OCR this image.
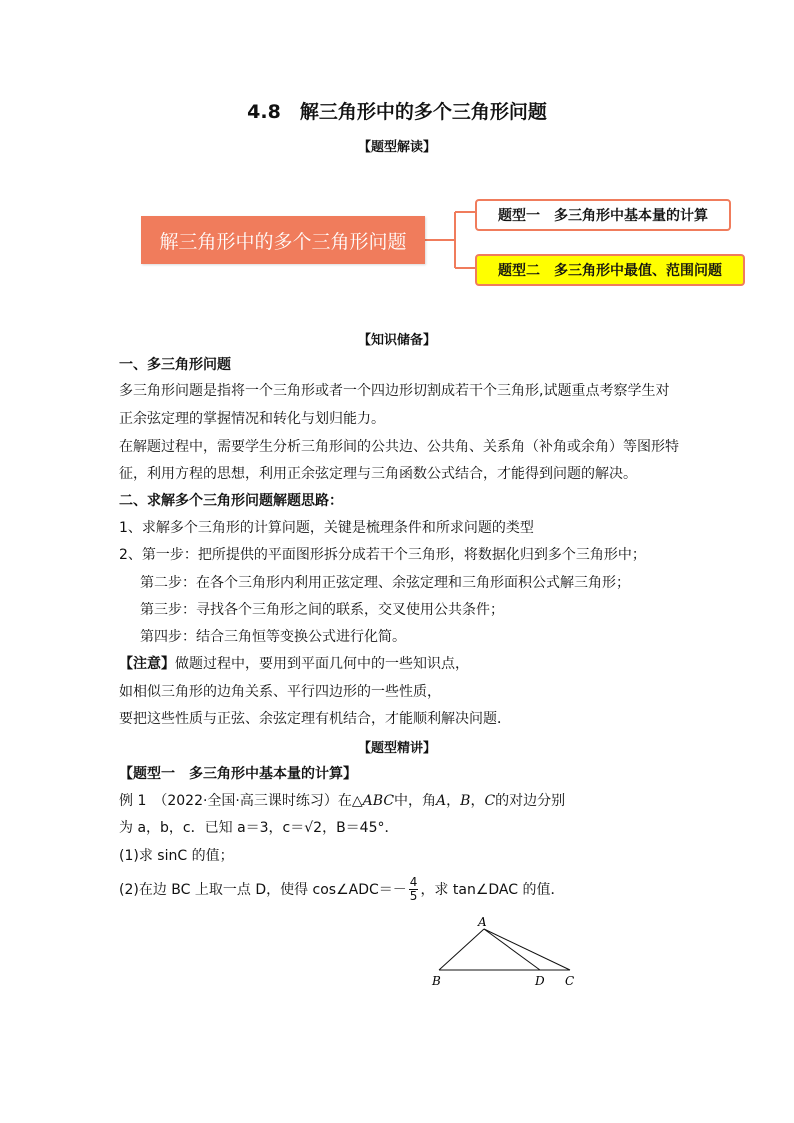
4.8　解三角形中的多个三角形问题
【题型解读】
解三角形中的多个三角形问题
题型一　多三角形中基本量的计算
题型二　多三角形中最值、范围问题
【知识储备】
一、多三角形问题
多三角形问题是指将一个三角形或者一个四边形切割成若干个三角形,试题重点考察学生对
正余弦定理的掌握情况和转化与划归能力。
在解题过程中，需要学生分析三角形间的公共边、公共角、关系角（补角或余角）等图形特
征，利用方程的思想，利用正余弦定理与三角函数公式结合，才能得到问题的解决。
二、求解多个三角形问题解题思路：
1、求解多个三角形的计算问题，关键是梳理条件和所求问题的类型
2、第一步：把所提供的平面图形拆分成若干个三角形，将数据化归到多个三角形中；
第二步：在各个三角形内利用正弦定理、余弦定理和三角形面积公式解三角形；
第三步：寻找各个三角形之间的联系，交叉使用公共条件；
第四步：结合三角恒等变换公式进行化简。
【注意】做题过程中，要用到平面几何中的一些知识点，
如相似三角形的边角关系、平行四边形的一些性质，
要把这些性质与正弦、余弦定理有机结合，才能顺利解决问题．
【题型精讲】
【题型一　多三角形中基本量的计算】
例 1　（2022·全国·高三课时练习）在△ABC中，角A，B，C的对边分别
为 a，b，c．已知 a＝3，c＝√2，B＝45°．
(1)求 sinC 的值；
(2)在边 BC 上取一点 D，使得 cos∠ADC＝－ $\frac{4}{5}$ ，求 tan∠DAC 的值．
A
B	D C
